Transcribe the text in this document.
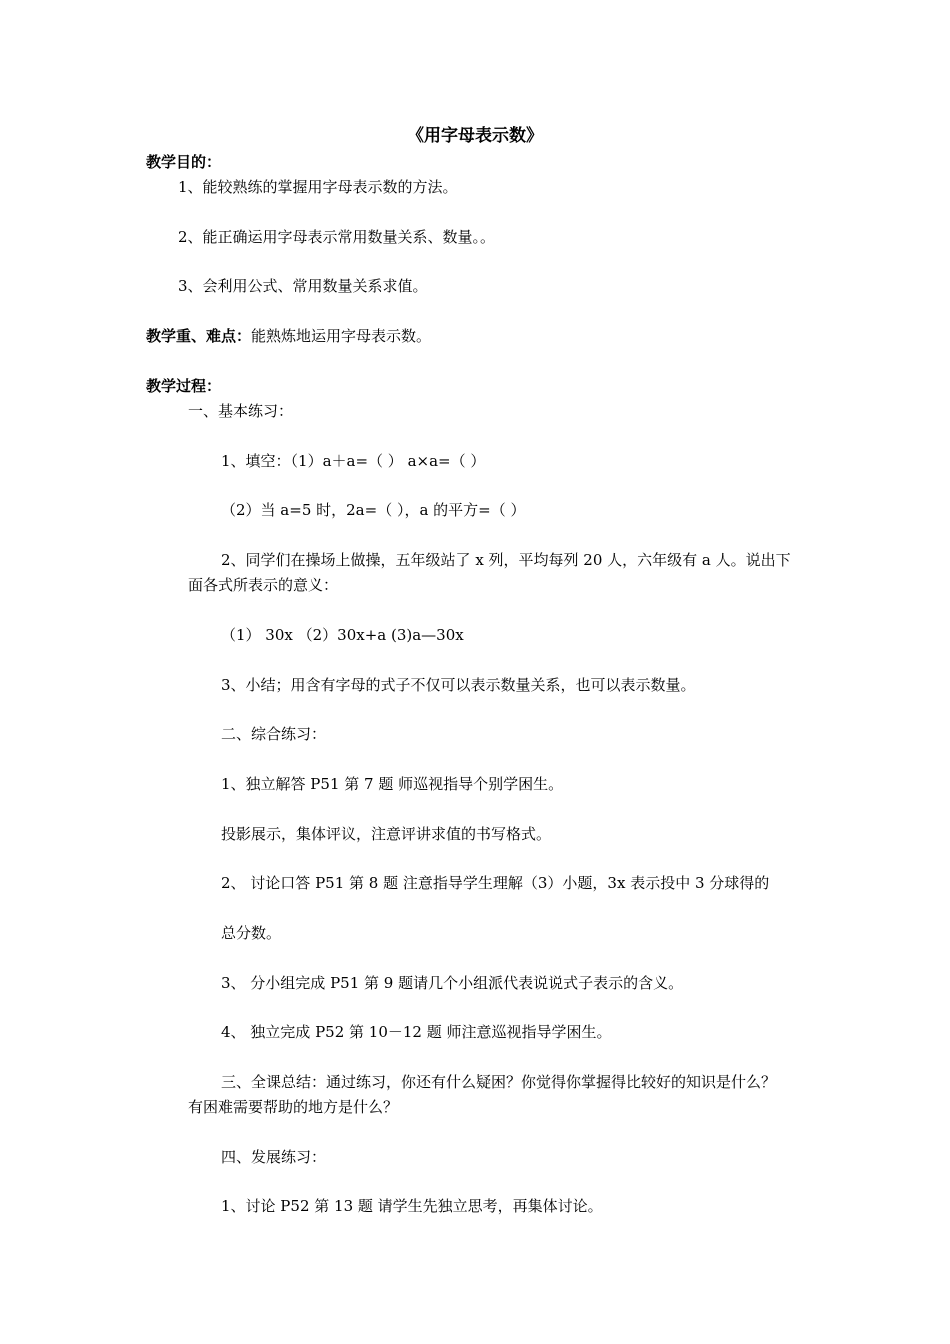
《用字母表示数》

教学目的：

1、能较熟练的掌握用字母表示数的方法。

2、能正确运用字母表示常用数量关系、数量。。

3、会利用公式、常用数量关系求值。

教学重、难点：能熟炼地运用字母表示数。

教学过程：

一、基本练习：

1、填空：（1）a＋a=（ ） a×a=（ ）

（2）当 a=5 时，2a=（ ），a 的平方=（ ）

2、同学们在操场上做操，五年级站了 x 列，平均每列 20 人，六年级有 a 人。说出下

面各式所表示的意义：

（1） 30x （2）30x+a (3)a—30x

3、小结；用含有字母的式子不仅可以表示数量关系，也可以表示数量。

二、综合练习：

1、独立解答 P51 第 7 题 师巡视指导个别学困生。

投影展示，集体评议，注意评讲求值的书写格式。

2、 讨论口答 P51 第 8 题 注意指导学生理解（3）小题，3x 表示投中 3 分球得的

总分数。

3、 分小组完成 P51 第 9 题请几个小组派代表说说式子表示的含义。

4、 独立完成 P52 第 10－12 题 师注意巡视指导学困生。

三、全课总结：通过练习，你还有什么疑困？你觉得你掌握得比较好的知识是什么？

有困难需要帮助的地方是什么？

四、发展练习：

1、讨论 P52 第 13 题 请学生先独立思考，再集体讨论。
